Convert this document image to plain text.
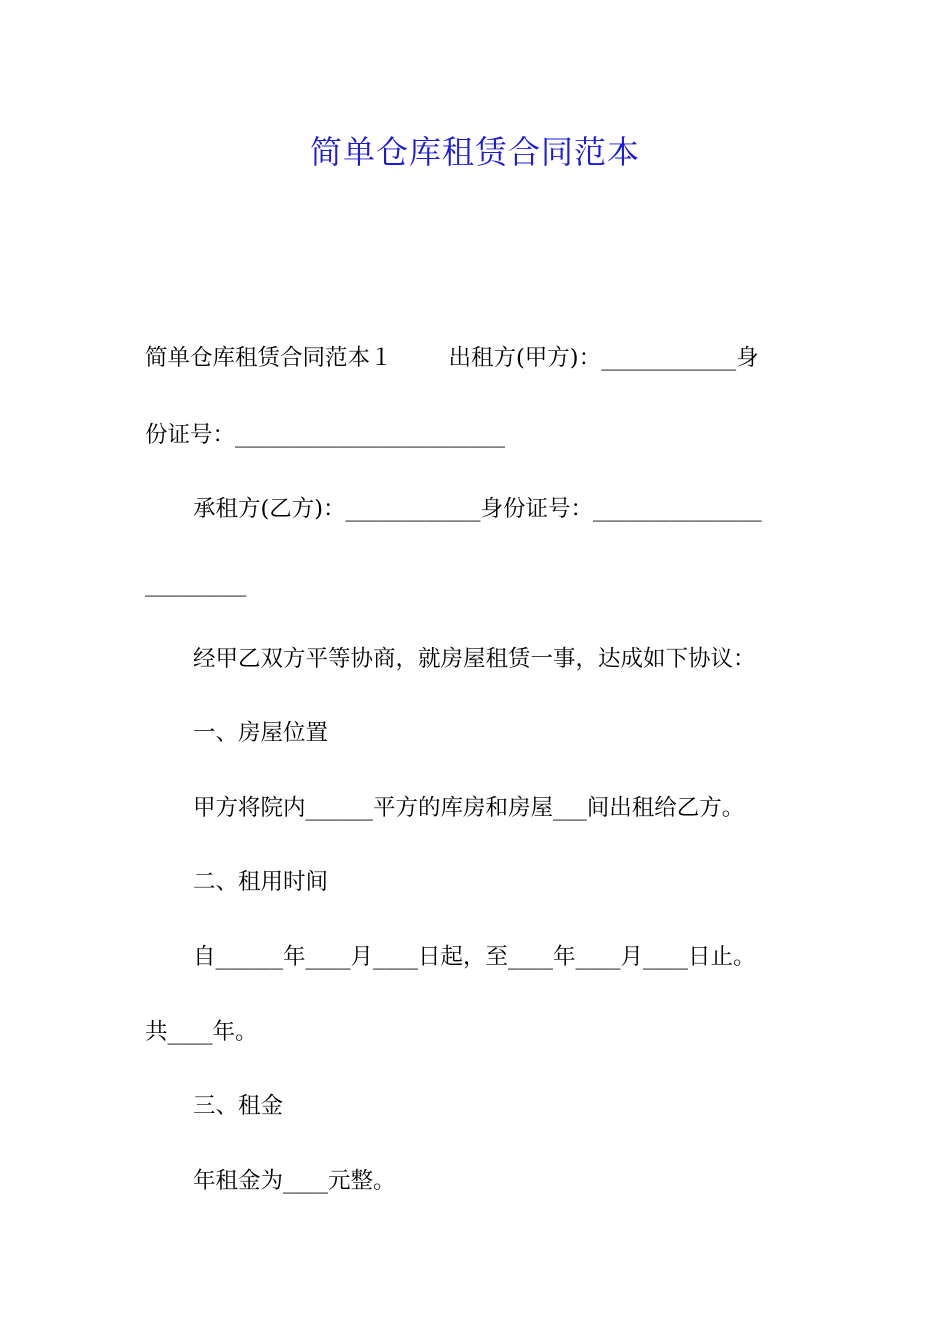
简单仓库租赁合同范本
简单仓库租赁合同范本１ 出租方(甲方)：____________身
份证号：________________________
承租方(乙方)：____________身份证号：_______________
_________
经甲乙双方平等协商，就房屋租赁一事，达成如下协议：
一、房屋位置
甲方将院内______平方的库房和房屋___间出租给乙方。
二、租用时间
自______年____月____日起，至____年____月____日止。
共____年。
三、租金
年租金为____元整。
